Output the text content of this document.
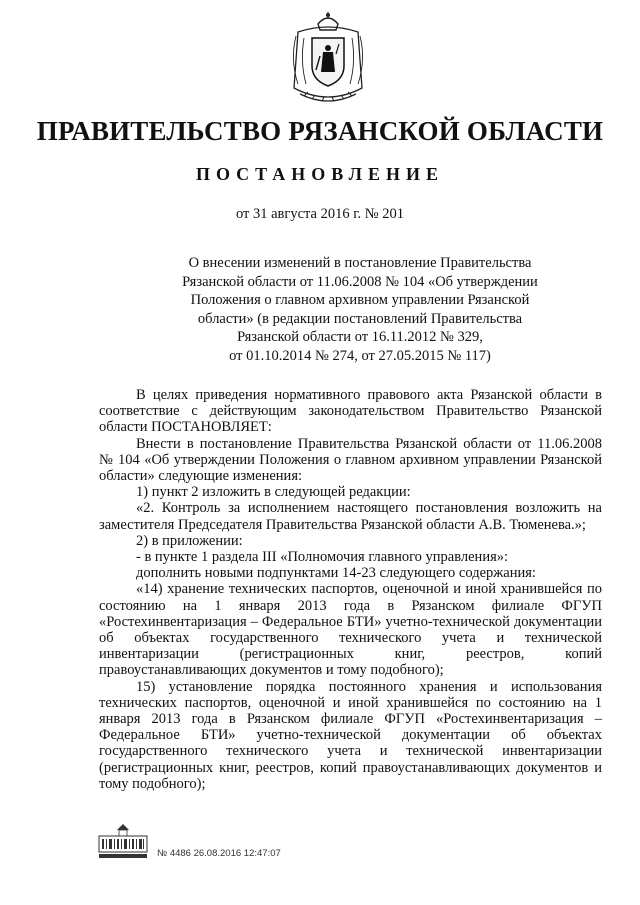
ПРАВИТЕЛЬСТВО РЯЗАНСКОЙ ОБЛАСТИ
ПОСТАНОВЛЕНИЕ
от 31 августа 2016 г. № 201
О внесении изменений в постановление Правительства
Рязанской области от 11.06.2008 № 104 «Об утверждении
Положения о главном архивном управлении Рязанской
области» (в редакции постановлений Правительства
Рязанской области от 16.11.2012 № 329,
от 01.10.2014 № 274, от 27.05.2015 № 117)

В целях приведения нормативного правового акта Рязанской области в соответствие с действующим законодательством Правительство Рязанской области ПОСТАНОВЛЯЕТ:

Внести в постановление Правительства Рязанской области от 11.06.2008 № 104 «Об утверждении Положения о главном архивном управлении Рязанской области» следующие изменения:

1) пункт 2 изложить в следующей редакции:

«2. Контроль за исполнением настоящего постановления возложить на заместителя Председателя Правительства Рязанской области А.В. Тюменева.»;

2) в приложении:

- в пункте 1 раздела III «Полномочия главного управления»:

дополнить новыми подпунктами 14-23 следующего содержания:

«14) хранение технических паспортов, оценочной и иной хранившейся по состоянию на 1 января 2013 года в Рязанском филиале ФГУП «Ростехинвентаризация – Федеральное БТИ» учетно-технической документации об объектах государственного технического учета и технической инвентаризации (регистрационных книг, реестров, копий правоустанавливающих документов и тому подобного);

15) установление порядка постоянного хранения и использования технических паспортов, оценочной и иной хранившейся по состоянию на 1 января 2013 года в Рязанском филиале ФГУП «Ростехинвентаризация – Федеральное БТИ» учетно-технической документации об объектах государственного технического учета и технической инвентаризации (регистрационных книг, реестров, копий правоустанавливающих документов и тому подобного);

№ 4486 26.08.2016 12:47:07
